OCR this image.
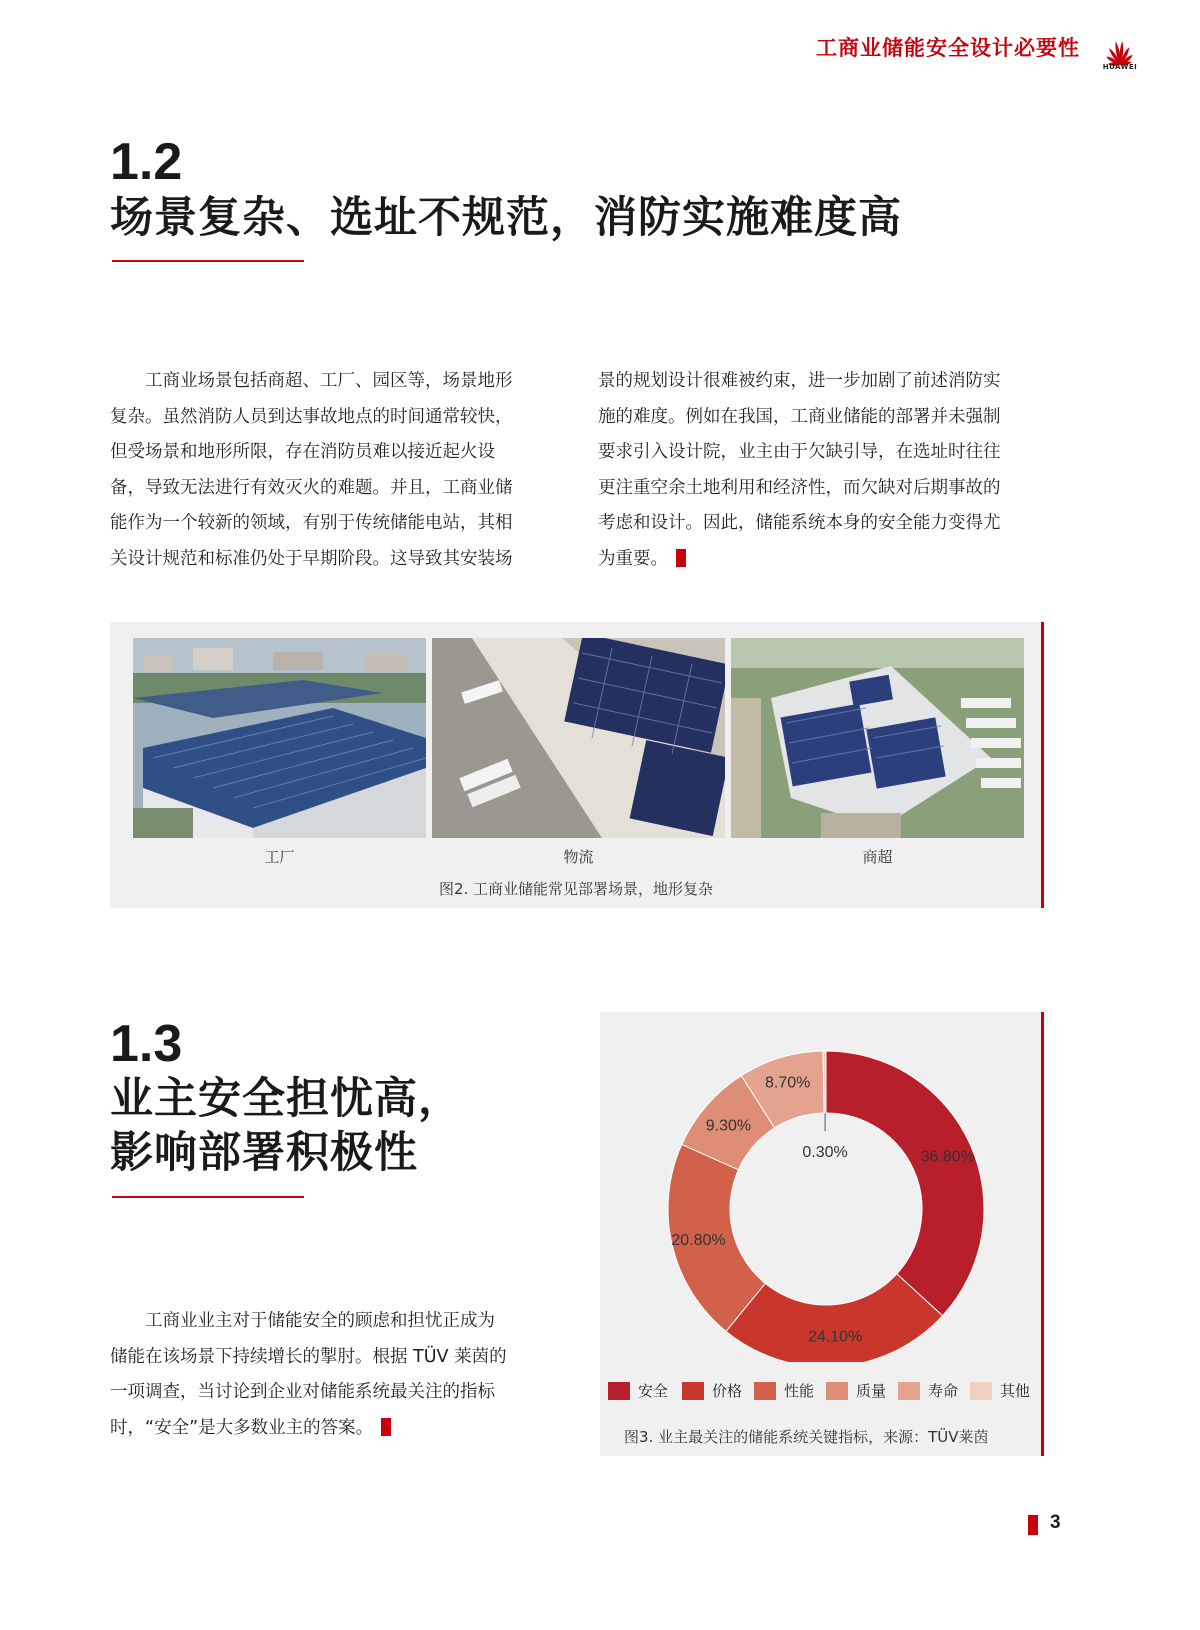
工商业储能安全设计必要性
HUAWEI
1.2
场景复杂、选址不规范，消防实施难度高
工商业场景包括商超、工厂、园区等，场景地形
复杂。虽然消防人员到达事故地点的时间通常较快，
但受场景和地形所限，存在消防员难以接近起火设
备，导致无法进行有效灭火的难题。并且，工商业储
能作为一个较新的领域，有别于传统储能电站，其相
关设计规范和标准仍处于早期阶段。这导致其安装场
景的规划设计很难被约束，进一步加剧了前述消防实
施的难度。例如在我国，工商业储能的部署并未强制
要求引入设计院，业主由于欠缺引导，在选址时往往
更注重空余土地利用和经济性，而欠缺对后期事故的
考虑和设计。因此，储能系统本身的安全能力变得尤
为重要。
工厂	物流	商超
图2. 工商业储能常见部署场景，地形复杂
1.3
业主安全担忧高，
影响部署积极性
工商业业主对于储能安全的顾虑和担忧正成为
储能在该场景下持续增长的掣肘。根据 TÜV 莱茵的
一项调查，当讨论到企业对储能系统最关注的指标
时，“安全”是大多数业主的答案。
36.80%
24.10%
20.80%
9.30%
8.70%
0.30%
安全	价格	性能	质量	寿命	其他
图3. 业主最关注的储能系统关键指标，来源：TÜV莱茵
3
